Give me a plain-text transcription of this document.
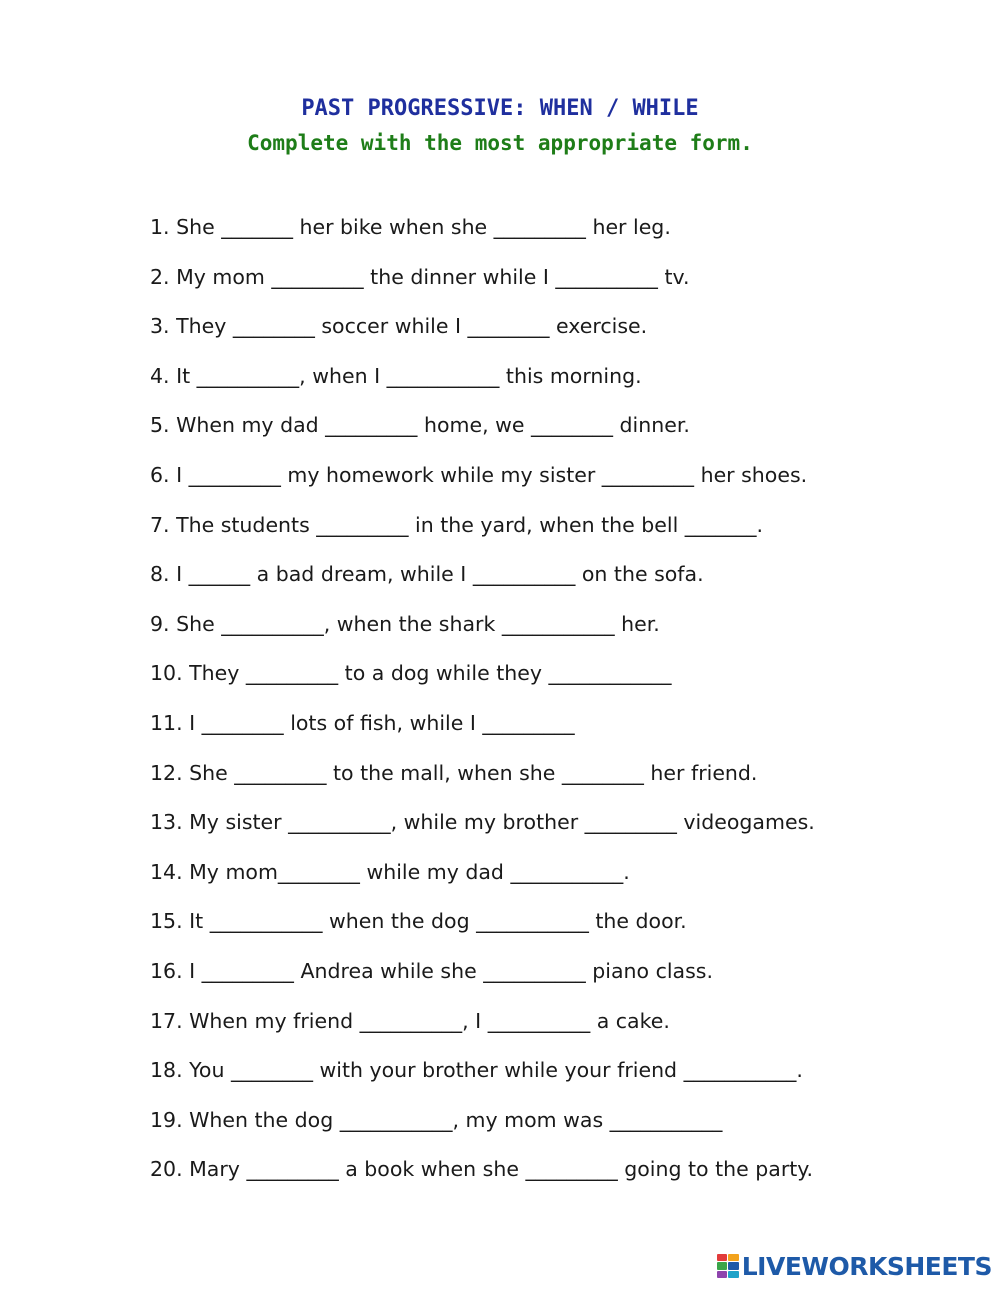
PAST PROGRESSIVE: WHEN / WHILE
Complete with the most appropriate form.
1. She _______ her bike when she _________ her leg.
2. My mom _________ the dinner while I __________ tv.
3. They ________ soccer while I ________ exercise.
4. It __________, when I ___________ this morning.
5. When my dad _________ home, we ________ dinner.
6. I _________ my homework while my sister _________ her shoes.
7. The students _________ in the yard, when the bell _______.
8. I ______ a bad dream, while I __________ on the sofa.
9. She __________, when the shark ___________ her.
10. They _________ to a dog while they ____________
11. I ________ lots of fish, while I _________
12. She _________ to the mall, when she ________ her friend.
13. My sister __________, while my brother _________ videogames.
14. My mom________ while my dad ___________.
15. It ___________ when the dog ___________ the door.
16. I _________ Andrea while she __________ piano class.
17. When my friend __________, I __________ a cake.
18. You ________ with your brother while your friend ___________.
19. When the dog ___________, my mom was ___________
20. Mary _________ a book when she _________ going to the party.
LIVEWORKSHEETS
